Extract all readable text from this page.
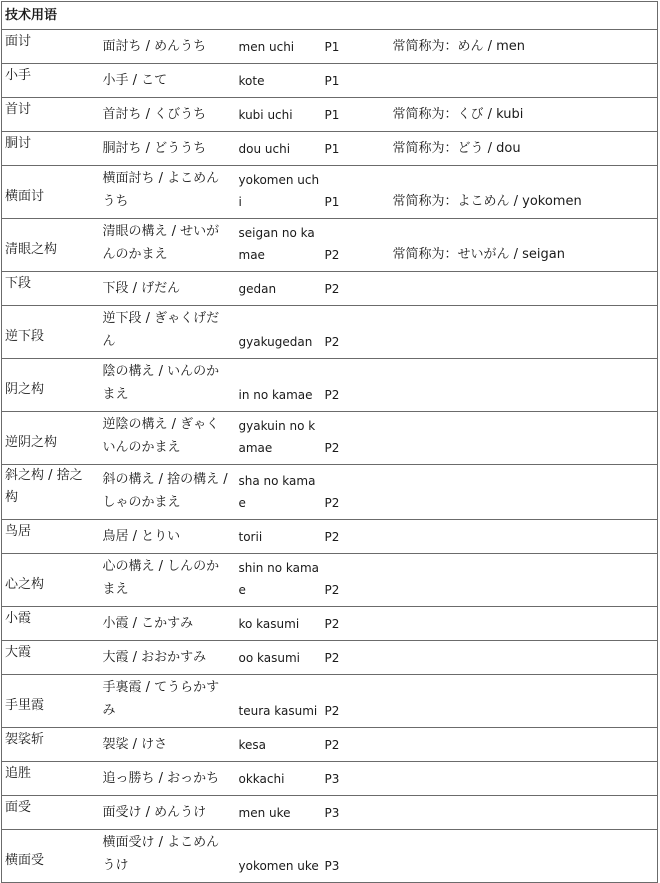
技术用语				

面讨	面討ち / めんうち	men uchi	P1	常简称为：めん / men

小手	小手 / こて	kote	P1	

首讨	首討ち / くびうち	kubi uchi	P1	常简称为：くび / kubi

胴讨	胴討ち / どううち	dou uchi	P1	常简称为：どう / dou

横面讨	横面討ち / よこめん うち	yokomen uch i	P1	常简称为：よこめん / yokomen

清眼之构	清眼の構え / せいが んのかまえ	seigan no ka mae	P2	常简称为：せいがん / seigan

下段	下段 / げだん	gedan	P2	

逆下段	逆下段 / ぎゃくげだ ん	gyakugedan	P2	

阴之构	陰の構え / いんのか まえ	in no kamae	P2	

逆阴之构	逆陰の構え / ぎゃく いんのかまえ	gyakuin no k amae	P2	

斜之构 / 捨之 构	斜の構え / 捨の構え / しゃのかまえ	sha no kama e	P2	

鸟居	鳥居 / とりい	torii	P2	

心之构	心の構え / しんのか まえ	shin no kama e	P2	

小霞	小霞 / こかすみ	ko kasumi	P2	

大霞	大霞 / おおかすみ	oo kasumi	P2	

手里霞	手裏霞 / てうらかす み	teura kasumi	P2	

袈裟斩	袈裟 / けさ	kesa	P2	

追胜	追っ勝ち / おっかち	okkachi	P3	

面受	面受け / めんうけ	men uke	P3	

横面受	横面受け / よこめん うけ	yokomen uke	P3	
